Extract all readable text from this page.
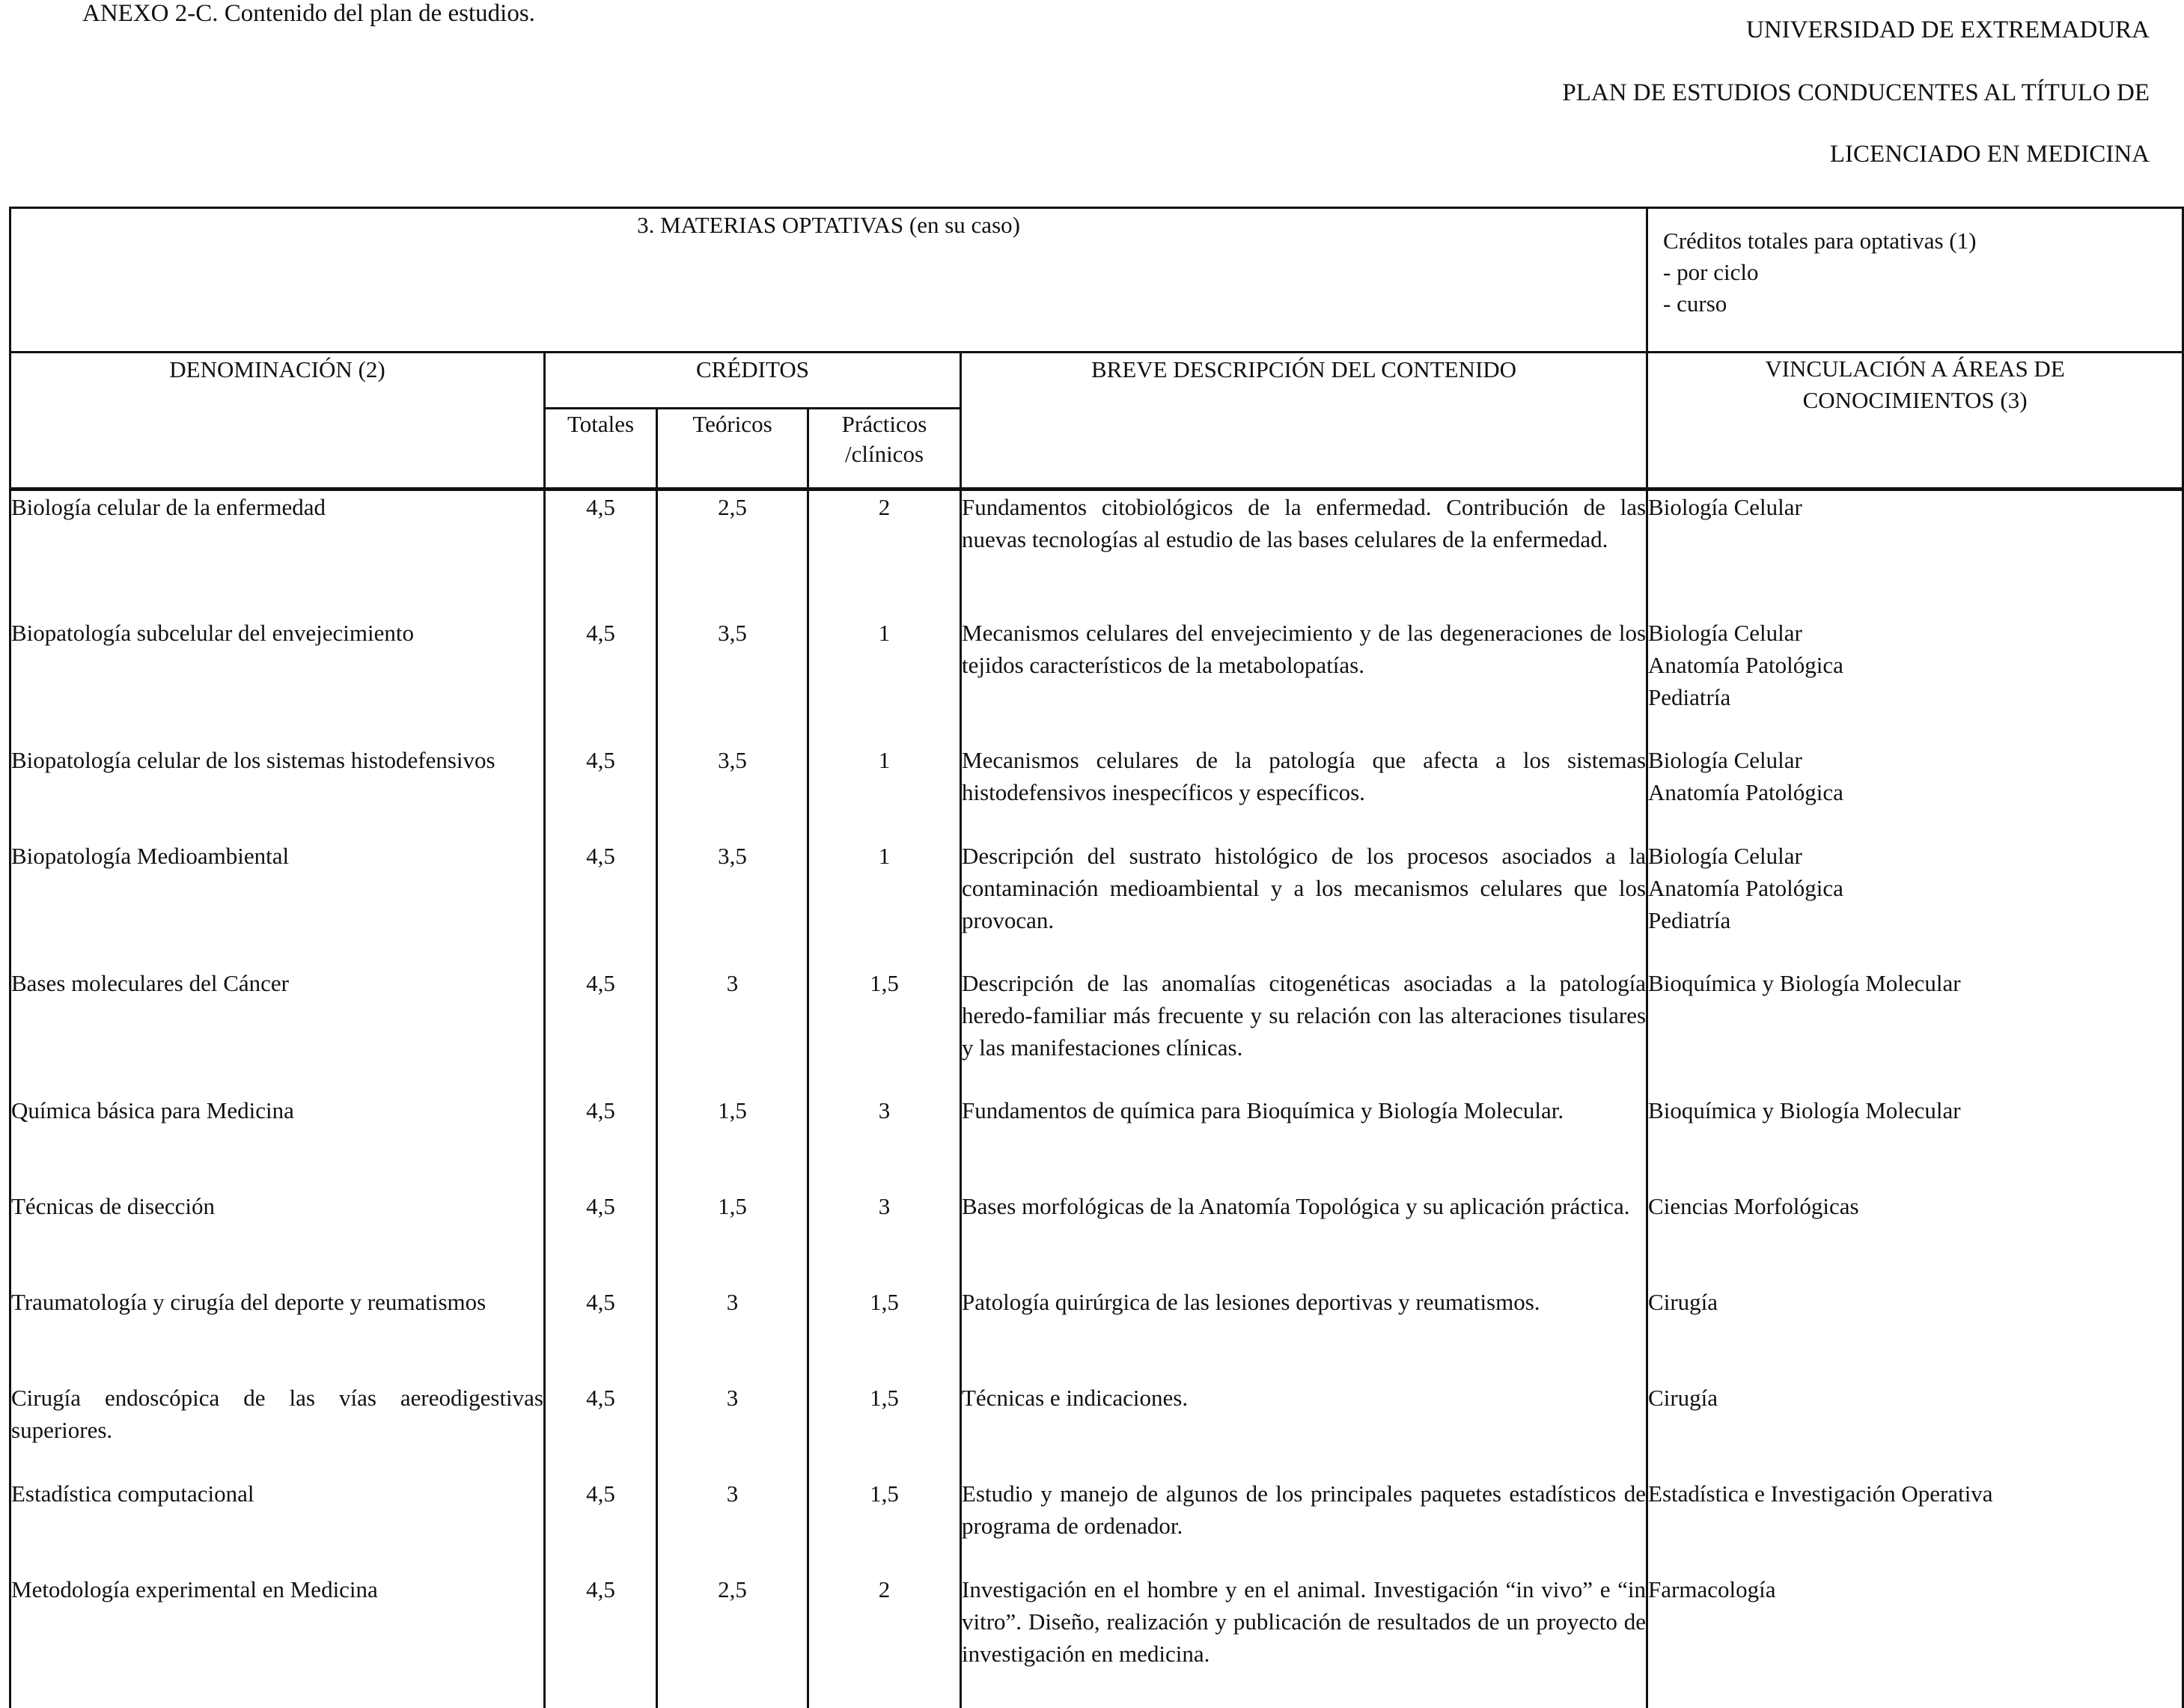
ANEXO 2-C. Contenido del plan de estudios.
UNIVERSIDAD DE EXTREMADURA
PLAN DE ESTUDIOS CONDUCENTES AL TÍTULO DE
LICENCIADO EN MEDICINA
3. MATERIAS OPTATIVAS (en su caso)					Créditos totales para optativas (1)
- por ciclo
- curso

DENOMINACIÓN (2)	CRÉDITOS			BREVE DESCRIPCIÓN DEL CONTENIDO	VINCULACIÓN A ÁREAS DE
CONOCIMIENTOS (3)

	Totales	Teóricos	Prácticos
/clínicos		

Biología celular de la enfermedad	4,5	2,5	2	Fundamentos citobiológicos de la enfermedad. Contribución de las nuevas tecnologías al estudio de las bases celulares de la enfermedad.	Biología Celular

Biopatología subcelular del envejecimiento	4,5	3,5	1	Mecanismos celulares del envejecimiento y de las degeneraciones de los tejidos característicos de la metabolopatías.	Biología Celular
Anatomía Patológica
Pediatría

Biopatología celular de los sistemas histodefensivos	4,5	3,5	1	Mecanismos celulares de la patología que afecta a los sistemas histodefensivos inespecíficos y específicos.	Biología Celular
Anatomía Patológica

Biopatología Medioambiental	4,5	3,5	1	Descripción del sustrato histológico de los procesos asociados a la contaminación medioambiental y a los mecanismos celulares que los provocan.	Biología Celular
Anatomía Patológica
Pediatría

Bases moleculares del Cáncer	4,5	3	1,5	Descripción de las anomalías citogenéticas asociadas a la patología heredo-familiar más frecuente y su relación con las alteraciones tisulares y las manifestaciones clínicas.	Bioquímica y Biología Molecular

Química básica para Medicina	4,5	1,5	3	Fundamentos de química para Bioquímica y Biología Molecular.	Bioquímica y Biología Molecular

Técnicas de disección	4,5	1,5	3	Bases morfológicas de la Anatomía Topológica y su aplicación práctica.	Ciencias Morfológicas

Traumatología y cirugía del deporte y reumatismos	4,5	3	1,5	Patología quirúrgica de las lesiones deportivas y reumatismos.	Cirugía

Cirugía endoscópica de las vías aereodigestivas superiores.	4,5	3	1,5	Técnicas e indicaciones.	Cirugía

Estadística computacional	4,5	3	1,5	Estudio y manejo de algunos de los principales paquetes estadísticos de programa de ordenador.	Estadística e Investigación Operativa

Metodología experimental en Medicina	4,5	2,5	2	Investigación en el hombre y en el animal. Investigación “in vivo” e “in vitro”. Diseño, realización y publicación de resultados de un proyecto de investigación en medicina.	Farmacología
